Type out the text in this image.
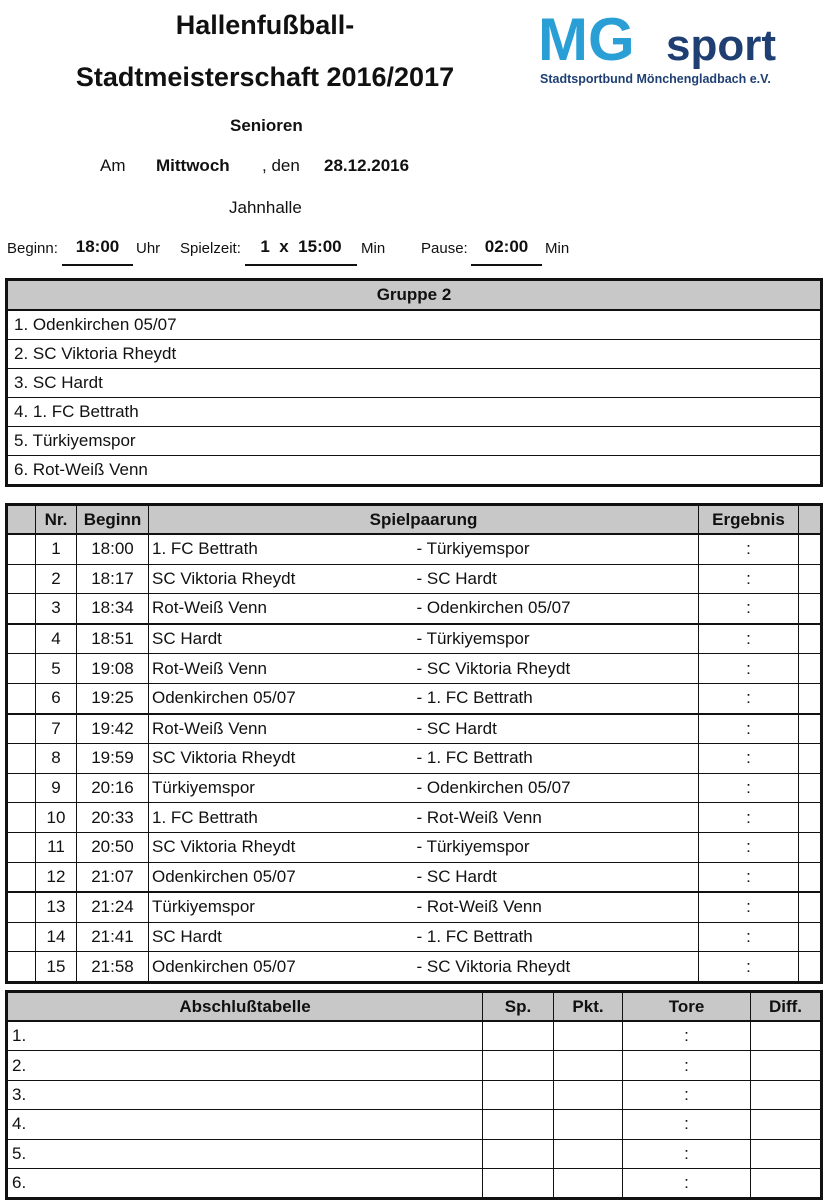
Hallenfußball-
Stadtmeisterschaft 2016/2017
MG sport
Stadtsportbund Mönchengladbach e.V.
Senioren
Am Mittwoch , den 28.12.2016
Jahnhalle
Beginn:	18:00	Uhr Spielzeit:	1  x  15:00	Min Pause:	02:00	Min
Gruppe 2
1. Odenkirchen 05/07
2. SC Viktoria Rheydt
3. SC Hardt
4. 1. FC Bettrath
5. Türkiyemspor
6. Rot-Weiß Venn
	Nr.	Beginn	Spielpaarung		Ergebnis	
	1	18:00	1. FC Bettrath	- Türkiyemspor	:	
	2	18:17	SC Viktoria Rheydt	- SC Hardt	:	
	3	18:34	Rot-Weiß Venn	- Odenkirchen 05/07	:	
	4	18:51	SC Hardt	- Türkiyemspor	:	
	5	19:08	Rot-Weiß Venn	- SC Viktoria Rheydt	:	
	6	19:25	Odenkirchen 05/07	- 1. FC Bettrath	:	
	7	19:42	Rot-Weiß Venn	- SC Hardt	:	
	8	19:59	SC Viktoria Rheydt	- 1. FC Bettrath	:	
	9	20:16	Türkiyemspor	- Odenkirchen 05/07	:	
	10	20:33	1. FC Bettrath	- Rot-Weiß Venn	:	
	11	20:50	SC Viktoria Rheydt	- Türkiyemspor	:	
	12	21:07	Odenkirchen 05/07	- SC Hardt	:	
	13	21:24	Türkiyemspor	- Rot-Weiß Venn	:	
	14	21:41	SC Hardt	- 1. FC Bettrath	:	
	15	21:58	Odenkirchen 05/07	- SC Viktoria Rheydt	:	
Abschlußtabelle	Sp.	Pkt.	Tore	Diff.
1.			:	
2.			:	
3.			:	
4.			:	
5.			:	
6.			:	
